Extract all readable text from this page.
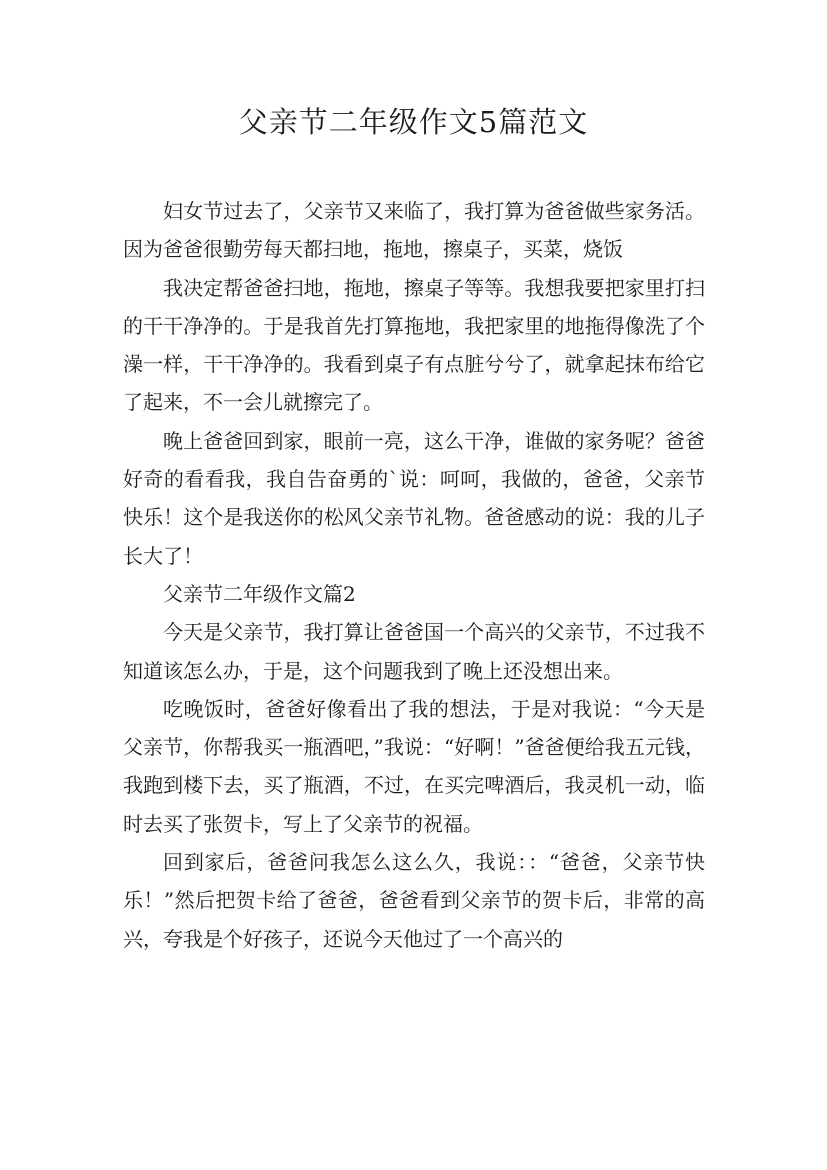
父亲节二年级作文5篇范文

妇女节过去了，父亲节又来临了，我打算为爸爸做些家务活。因为爸爸很勤劳每天都扫地，拖地，擦桌子，买菜，烧饭

我决定帮爸爸扫地，拖地，擦桌子等等。我想我要把家里打扫的干干净净的。于是我首先打算拖地，我把家里的地拖得像洗了个澡一样，干干净净的。我看到桌子有点脏兮兮了，就拿起抹布给它了起来，不一会儿就擦完了。

晚上爸爸回到家，眼前一亮，这么干净，谁做的家务呢？爸爸好奇的看看我，我自告奋勇的`说：呵呵，我做的，爸爸，父亲节快乐！这个是我送你的松风父亲节礼物。爸爸感动的说：我的儿子长大了！

父亲节二年级作文篇2

今天是父亲节，我打算让爸爸国一个高兴的父亲节，不过我不知道该怎么办，于是，这个问题我到了晚上还没想出来。

吃晚饭时，爸爸好像看出了我的想法，于是对我说：“今天是父亲节，你帮我买一瓶酒吧，”我说：“好啊！”爸爸便给我五元钱，我跑到楼下去，买了瓶酒，不过，在买完啤酒后，我灵机一动，临时去买了张贺卡，写上了父亲节的祝福。

回到家后，爸爸问我怎么这么久，我说：：“爸爸，父亲节快乐！”然后把贺卡给了爸爸，爸爸看到父亲节的贺卡后，非常的高兴，夸我是个好孩子，还说今天他过了一个高兴的
